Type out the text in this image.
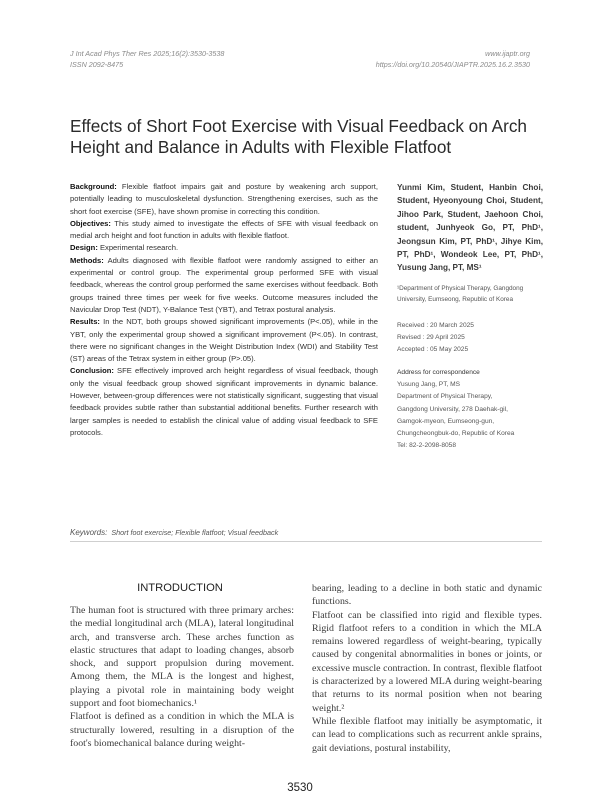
J Int Acad Phys Ther Res 2025;16(2):3530-3538
ISSN 2092-8475
www.ijaptr.org
https://doi.org/10.20540/JIAPTR.2025.16.2.3530
Effects of Short Foot Exercise with Visual Feedback on Arch Height and Balance in Adults with Flexible Flatfoot

Background: Flexible flatfoot impairs gait and posture by weakening arch support, potentially leading to musculoskeletal dysfunction. Strengthening exercises, such as the short foot exercise (SFE), have shown promise in correcting this condition.

Objectives: This study aimed to investigate the effects of SFE with visual feedback on medial arch height and foot function in adults with flexible flatfoot.

Design: Experimental research.

Methods: Adults diagnosed with flexible flatfoot were randomly assigned to either an experimental or control group. The experimental group performed SFE with visual feedback, whereas the control group performed the same exercises without feedback. Both groups trained three times per week for five weeks. Outcome measures included the Navicular Drop Test (NDT), Y-Balance Test (YBT), and Tetrax postural analysis.

Results: In the NDT, both groups showed significant improvements (P<.05), while in the YBT, only the experimental group showed a significant improvement (P<.05). In contrast, there were no significant changes in the Weight Distribution Index (WDI) and Stability Test (ST) areas of the Tetrax system in either group (P>.05).

Conclusion: SFE effectively improved arch height regardless of visual feedback, though only the visual feedback group showed significant improvements in dynamic balance. However, between-group differences were not statistically significant, suggesting that visual feedback provides subtle rather than substantial additional benefits. Further research with larger samples is needed to establish the clinical value of adding visual feedback to SFE protocols.

Yunmi Kim, Student, Hanbin Choi, Student, Hyeonyoung Choi, Student, Jihoo Park, Student, Jaehoon Choi, student, Junhyeok Go, PT, PhD¹, Jeongsun Kim, PT, PhD¹, Jihye Kim, PT, PhD¹, Wondeok Lee, PT, PhD¹, Yusung Jang, PT, MS¹
¹Department of Physical Therapy, Gangdong University, Eumseong, Republic of Korea
Received : 20 March 2025
Revised : 29 April 2025
Accepted : 05 May 2025
Address for correspondence
Yusung Jang, PT, MS
Department of Physical Therapy,
Gangdong University, 278 Daehak-gil,
Gamgok-myeon, Eumseong-gun,
Chungcheongbuk-do, Republic of Korea
Tel: 82-2-2098-8058
Keywords: Short foot exercise; Flexible flatfoot; Visual feedback
INTRODUCTION

The human foot is structured with three primary arches: the medial longitudinal arch (MLA), lateral longitudinal arch, and transverse arch. These arches function as elastic structures that adapt to loading changes, absorb shock, and support propulsion during movement. Among them, the MLA is the longest and highest, playing a pivotal role in maintaining body weight support and foot biomechanics.¹

Flatfoot is defined as a condition in which the MLA is structurally lowered, resulting in a disruption of the foot's biomechanical balance during weight-

bearing, leading to a decline in both static and dynamic functions.

Flatfoot can be classified into rigid and flexible types. Rigid flatfoot refers to a condition in which the MLA remains lowered regardless of weight-bearing, typically caused by congenital abnormalities in bones or joints, or excessive muscle contraction. In contrast, flexible flatfoot is characterized by a lowered MLA during weight-bearing that returns to its normal position when not bearing weight.²

While flexible flatfoot may initially be asymptomatic, it can lead to complications such as recurrent ankle sprains, gait deviations, postural instability,

3530
